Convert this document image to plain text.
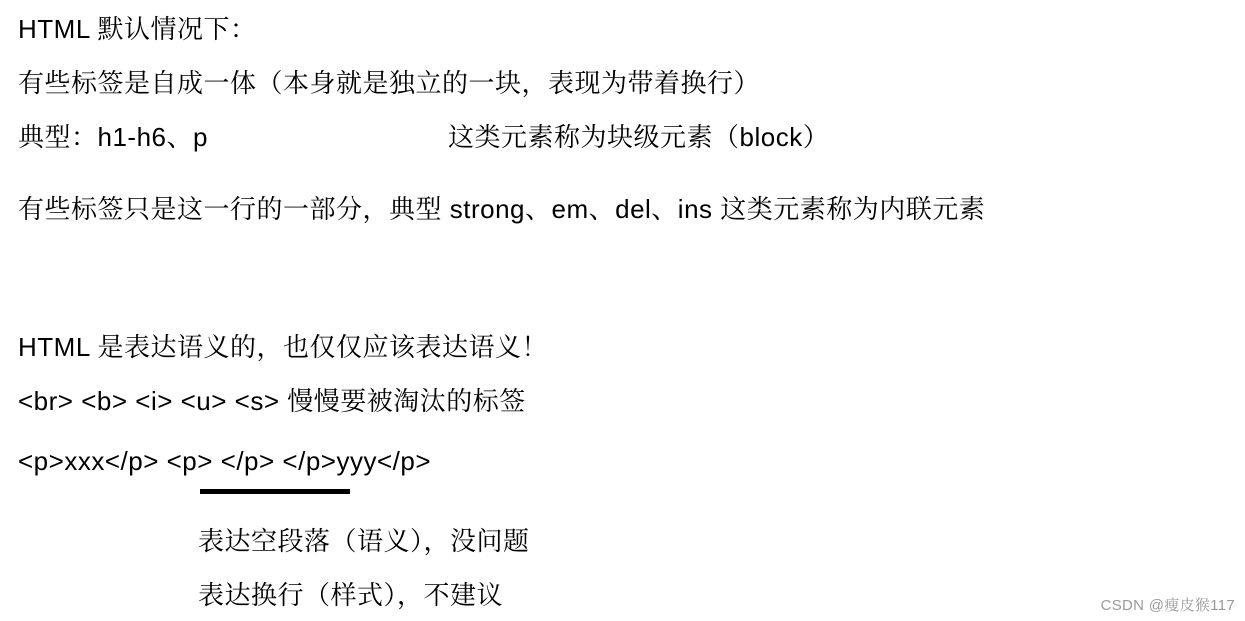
HTML 默认情况下：
有些标签是自成一体（本身就是独立的一块，表现为带着换行）
典型：h1-h6、p	这类元素称为块级元素（block）
有些标签只是这一行的一部分，典型 strong、em、del、ins 这类元素称为内联元素
HTML 是表达语义的，也仅仅应该表达语义！
<br> <b> <i> <u> <s> 慢慢要被淘汰的标签
<p>xxx</p> <p> </p> </p>yyy</p>
表达空段落（语义），没问题
表达换行（样式），不建议	CSDN @瘦皮猴117
